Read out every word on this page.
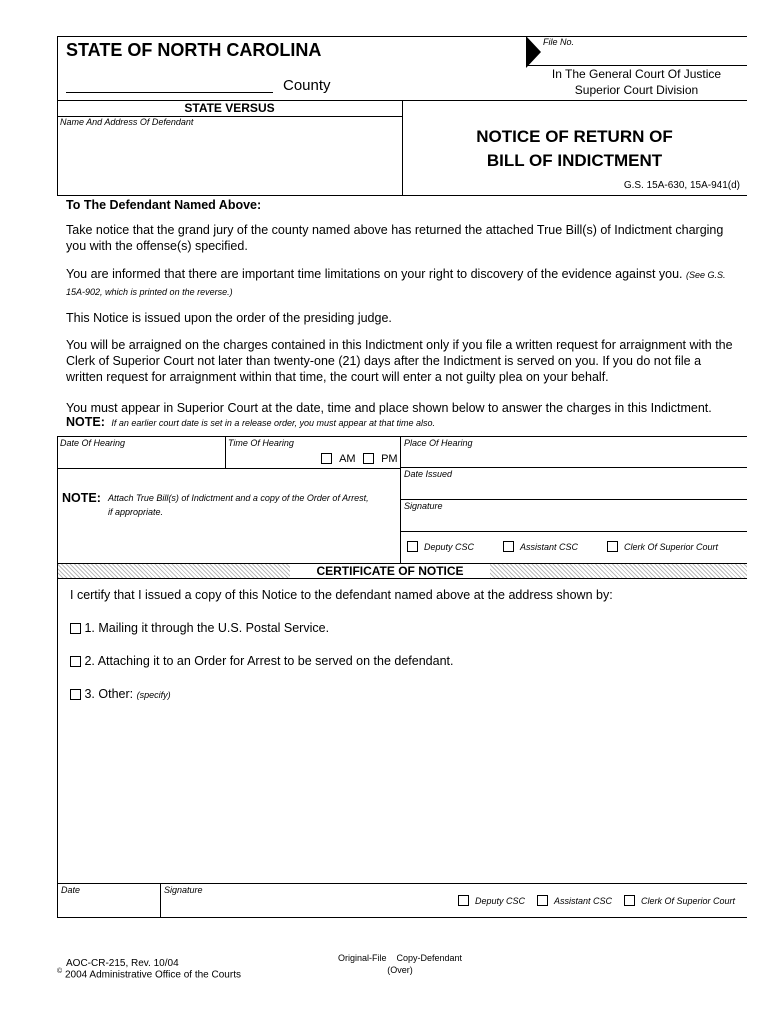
STATE OF NORTH CAROLINA
County
File No.
In The General Court Of Justice
Superior Court Division
STATE VERSUS
Name And Address Of Defendant
NOTICE OF RETURN OF
BILL OF INDICTMENT
G.S. 15A-630, 15A-941(d)
To The Defendant Named Above:
Take notice that the grand jury of the county named above has returned the attached True Bill(s) of Indictment charging you with the offense(s) specified.
You are informed that there are important time limitations on your right to discovery of the evidence against you. (See G.S. 15A-902, which is printed on the reverse.)
This Notice is issued upon the order of the presiding judge.
You will be arraigned on the charges contained in this Indictment only if you file a written request for arraignment with the Clerk of Superior Court not later than twenty-one (21) days after the Indictment is served on you. If you do not file a written request for arraignment within that time, the court will enter a not guilty plea on your behalf.
You must appear in Superior Court at the date, time and place shown below to answer the charges in this Indictment.
NOTE: If an earlier court date is set in a release order, you must appear at that time also.
Date Of Hearing	Time Of Hearing	Place Of Hearing
AM	PM
Date Issued
NOTE: Attach True Bill(s) of Indictment and a copy of the Order of Arrest,
if appropriate.
Signature
Deputy CSC	Assistant CSC	Clerk Of Superior Court
CERTIFICATE OF NOTICE
I certify that I issued a copy of this Notice to the defendant named above at the address shown by:
1. Mailing it through the U.S. Postal Service.
2. Attaching it to an Order for Arrest to be served on the defendant.
3. Other: (specify)
Date	Signature
Deputy CSC	Assistant CSC	Clerk Of Superior Court
AOC-CR-215, Rev. 10/04
© 2004 Administrative Office of the Courts
Original-File    Copy-Defendant
(Over)
